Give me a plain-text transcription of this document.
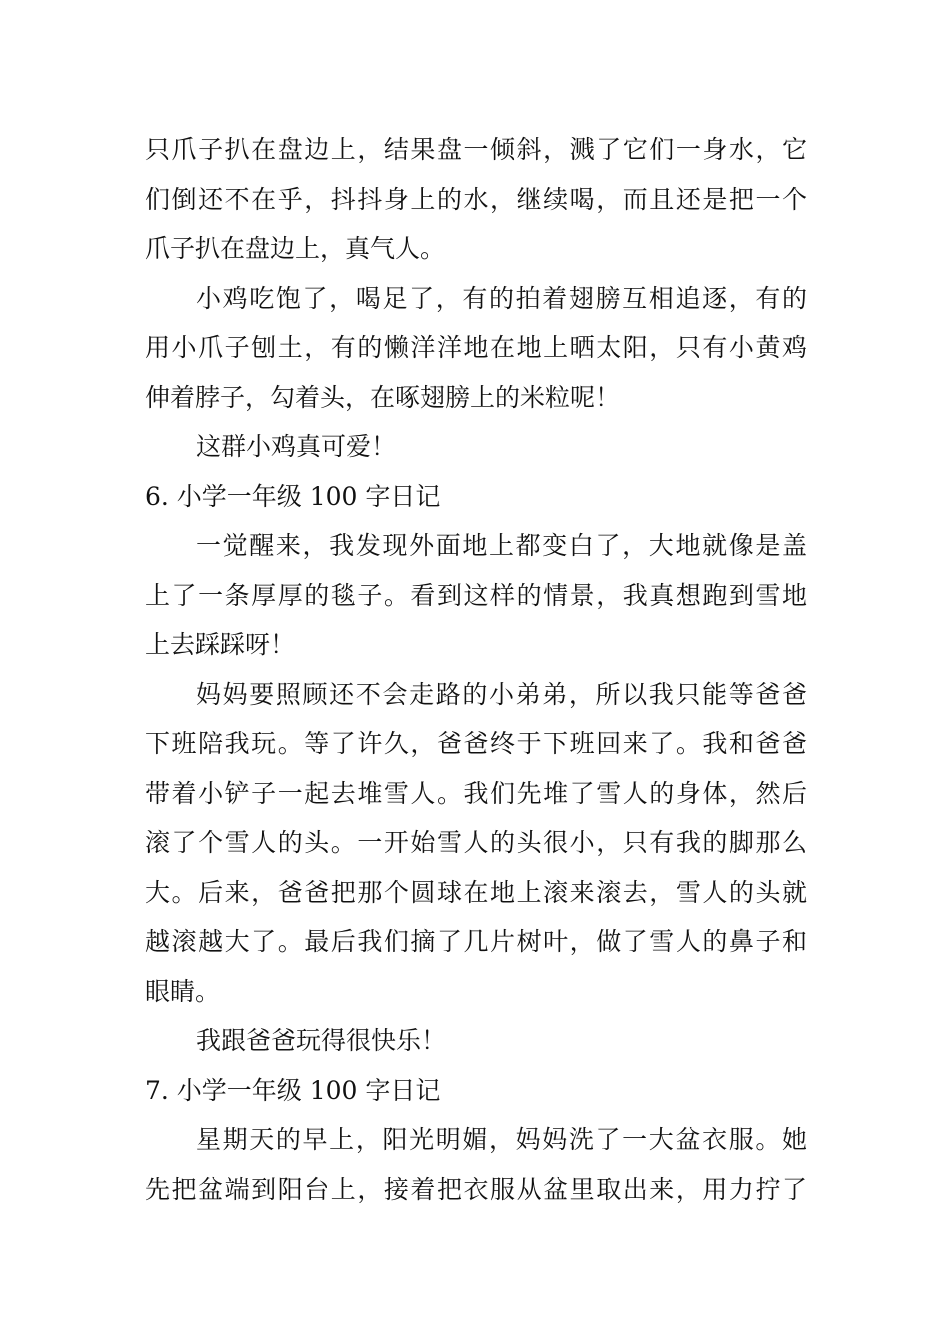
只爪子扒在盘边上，结果盘一倾斜，溅了它们一身水，它
们倒还不在乎，抖抖身上的水，继续喝，而且还是把一个
爪子扒在盘边上，真气人。
小鸡吃饱了，喝足了，有的拍着翅膀互相追逐，有的
用小爪子刨土，有的懒洋洋地在地上晒太阳，只有小黄鸡
伸着脖子，勾着头，在啄翅膀上的米粒呢！
这群小鸡真可爱！
6. 小学一年级 100 字日记
一觉醒来，我发现外面地上都变白了，大地就像是盖
上了一条厚厚的毯子。看到这样的情景，我真想跑到雪地
上去踩踩呀！
妈妈要照顾还不会走路的小弟弟，所以我只能等爸爸
下班陪我玩。等了许久，爸爸终于下班回来了。我和爸爸
带着小铲子一起去堆雪人。我们先堆了雪人的身体，然后
滚了个雪人的头。一开始雪人的头很小，只有我的脚那么
大。后来，爸爸把那个圆球在地上滚来滚去，雪人的头就
越滚越大了。最后我们摘了几片树叶，做了雪人的鼻子和
眼睛。
我跟爸爸玩得很快乐！
7. 小学一年级 100 字日记
星期天的早上，阳光明媚，妈妈洗了一大盆衣服。她
先把盆端到阳台上，接着把衣服从盆里取出来，用力拧了
